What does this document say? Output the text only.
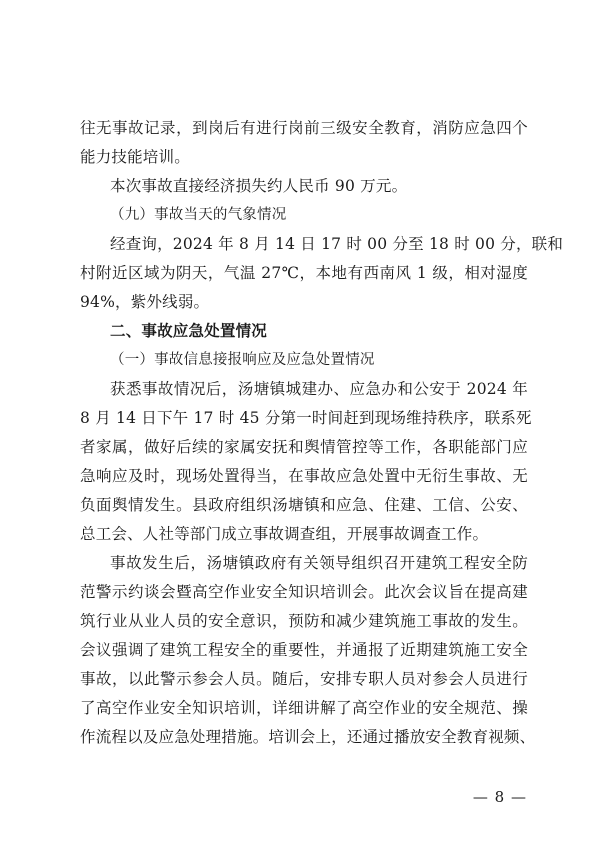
往无事故记录，到岗后有进行岗前三级安全教育，消防应急四个
能力技能培训。
本次事故直接经济损失约人民币 90 万元。
（九）事故当天的气象情况
经查询，2024 年 8 月 14 日 17 时 00 分至 18 时 00 分，联和
村附近区域为阴天，气温 27℃，本地有西南风 1 级，相对湿度
94%，紫外线弱。
二、事故应急处置情况
（一）事故信息接报响应及应急处置情况
获悉事故情况后，汤塘镇城建办、应急办和公安于 2024 年
8 月 14 日下午 17 时 45 分第一时间赶到现场维持秩序，联系死
者家属，做好后续的家属安抚和舆情管控等工作，各职能部门应
急响应及时，现场处置得当，在事故应急处置中无衍生事故、无
负面舆情发生。县政府组织汤塘镇和应急、住建、工信、公安、
总工会、人社等部门成立事故调查组，开展事故调查工作。
事故发生后，汤塘镇政府有关领导组织召开建筑工程安全防
范警示约谈会暨高空作业安全知识培训会。此次会议旨在提高建
筑行业从业人员的安全意识，预防和减少建筑施工事故的发生。
会议强调了建筑工程安全的重要性，并通报了近期建筑施工安全
事故，以此警示参会人员。随后，安排专职人员对参会人员进行
了高空作业安全知识培训，详细讲解了高空作业的安全规范、操
作流程以及应急处理措施。培训会上，还通过播放安全教育视频、
— 8 —
